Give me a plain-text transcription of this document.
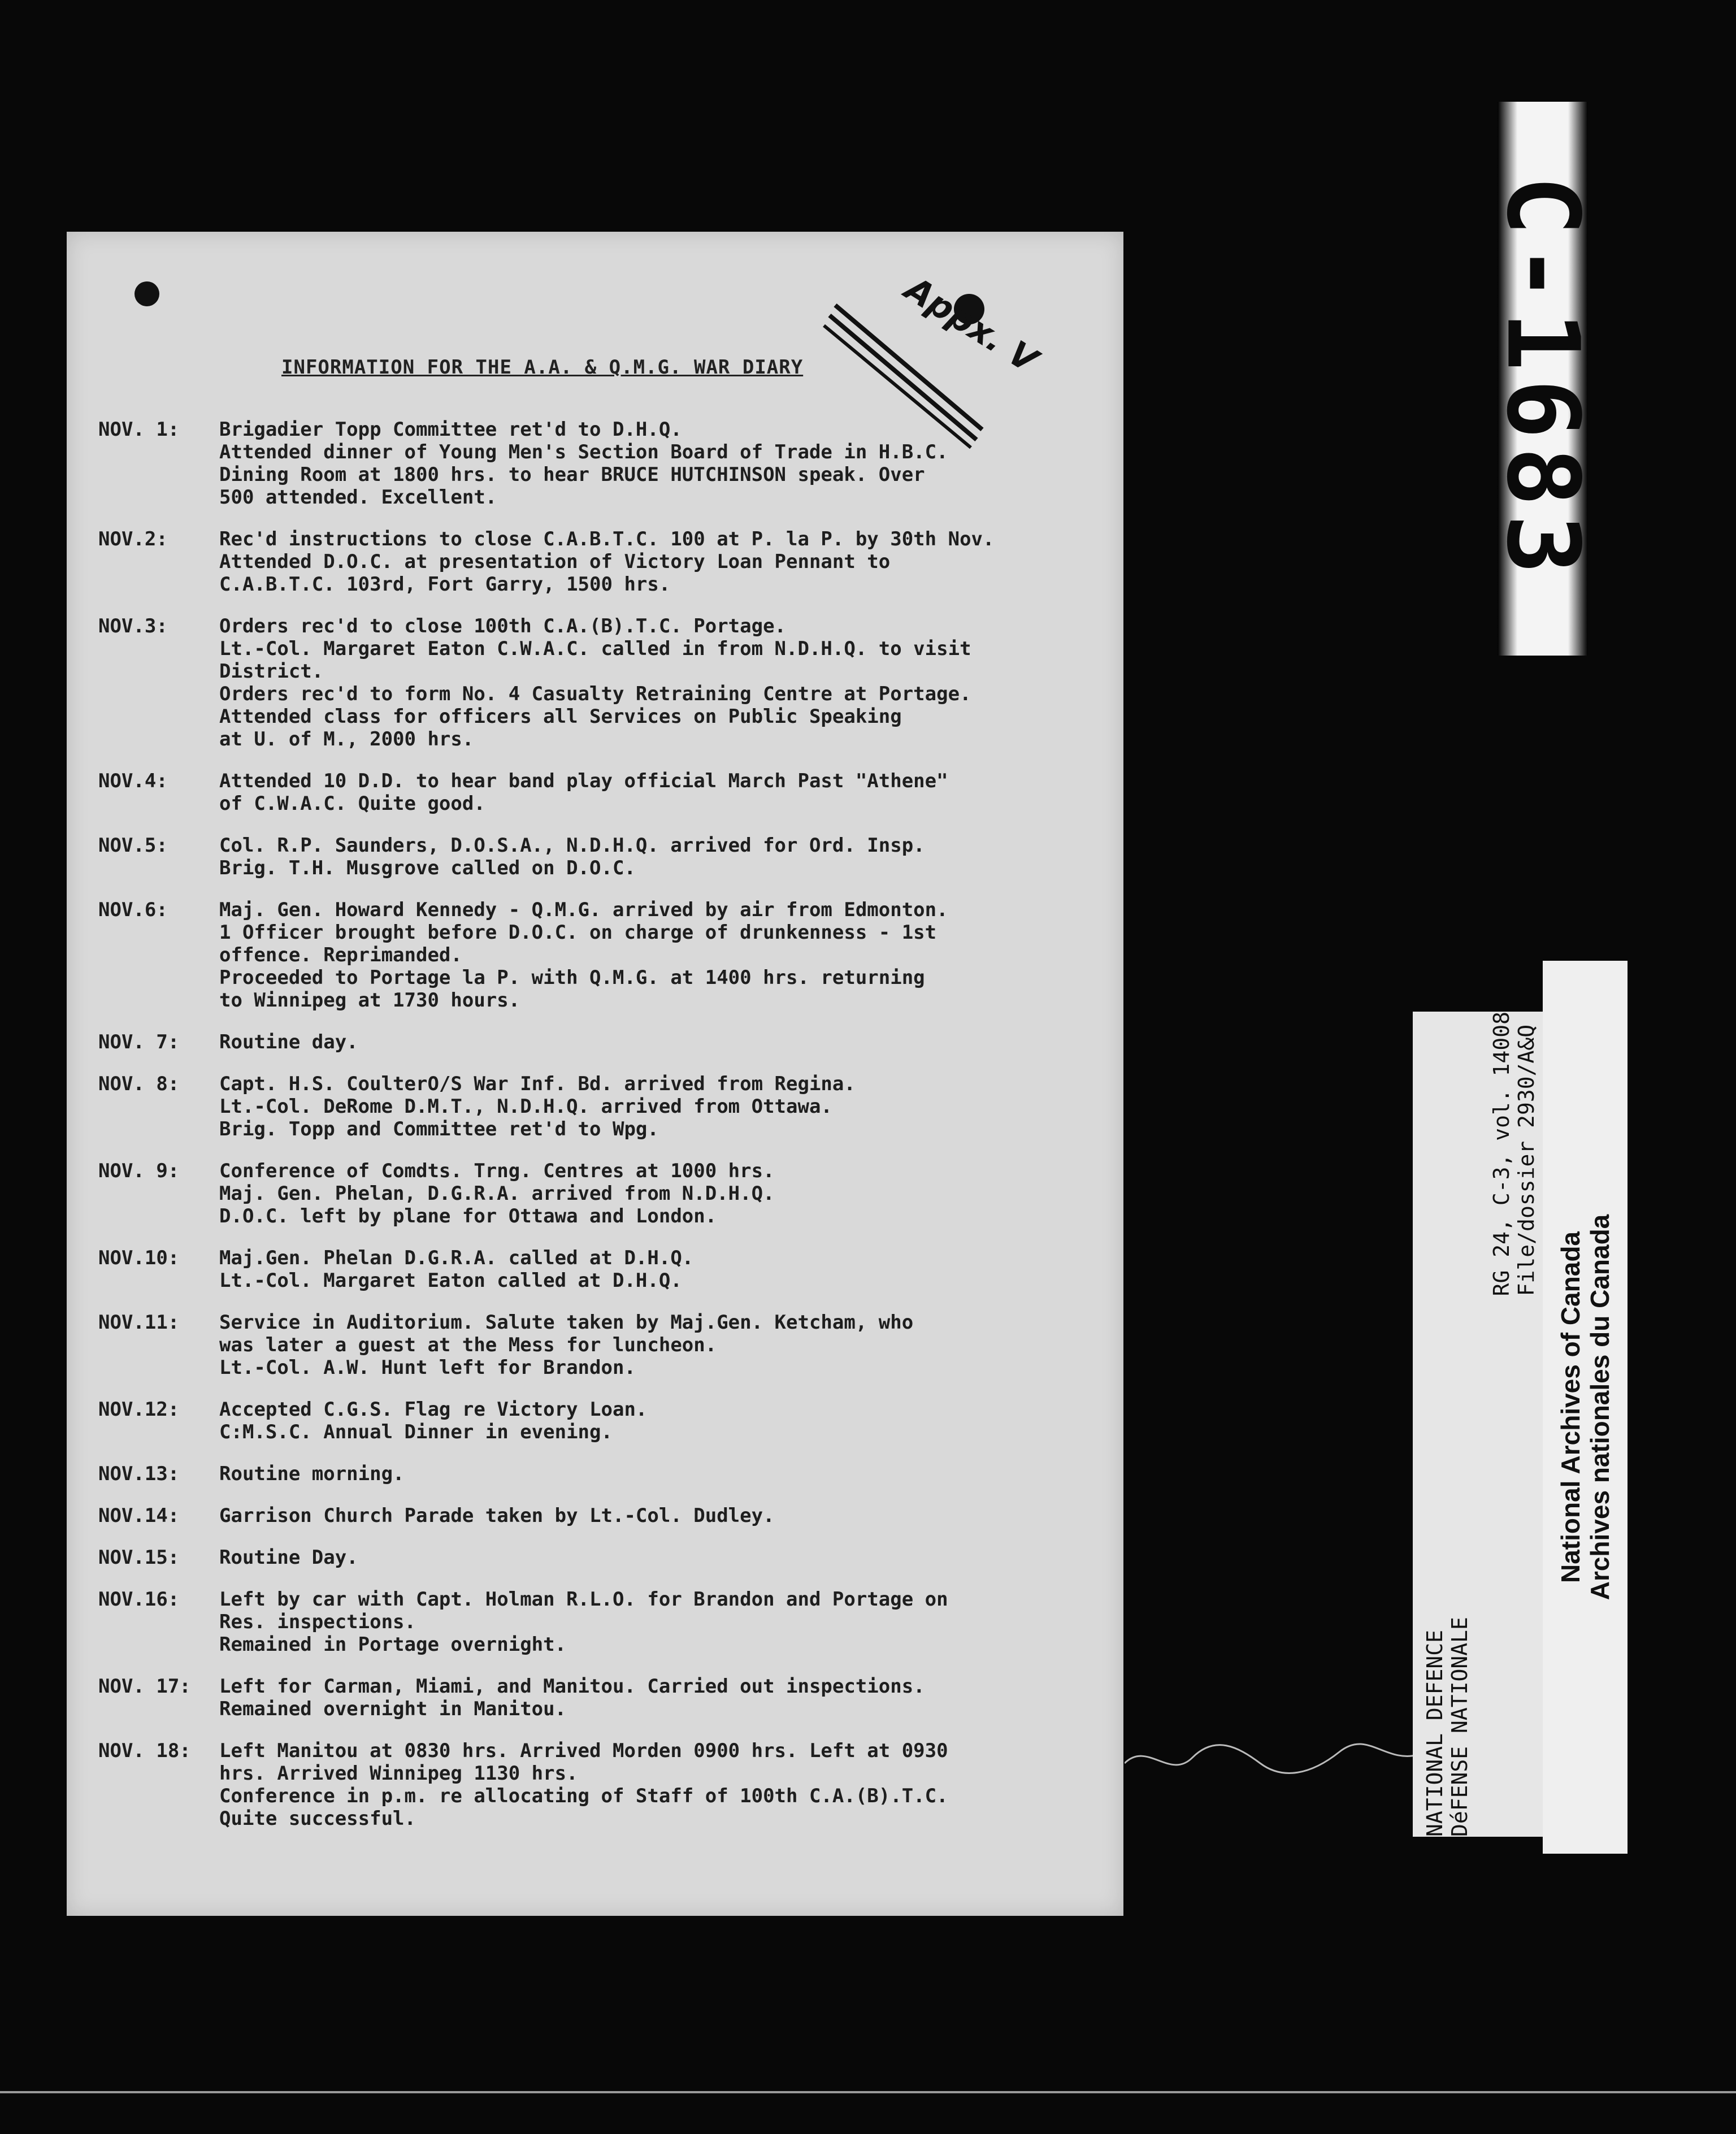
Appx. V
INFORMATION FOR THE A.A. & Q.M.G. WAR DIARY
NOV. 1:	Brigadier Topp Committee ret'd to D.H.Q.
Attended dinner of Young Men's Section Board of Trade in H.B.C.
Dining Room at 1800 hrs. to hear BRUCE HUTCHINSON speak. Over
500 attended. Excellent.
NOV.2:	Rec'd instructions to close C.A.B.T.C. 100 at P. la P. by 30th Nov.
Attended D.O.C. at presentation of Victory Loan Pennant to
C.A.B.T.C. 103rd, Fort Garry, 1500 hrs.
NOV.3:	Orders rec'd to close 100th C.A.(B).T.C. Portage.
Lt.-Col. Margaret Eaton C.W.A.C. called in from N.D.H.Q. to visit
District.
Orders rec'd to form No. 4 Casualty Retraining Centre at Portage.
Attended class for officers all Services on Public Speaking
at U. of M., 2000 hrs.
NOV.4:	Attended 10 D.D. to hear band play official March Past "Athene"
of C.W.A.C. Quite good.
NOV.5:	Col. R.P. Saunders, D.O.S.A., N.D.H.Q. arrived for Ord. Insp.
Brig. T.H. Musgrove called on D.O.C.
NOV.6:	Maj. Gen. Howard Kennedy - Q.M.G. arrived by air from Edmonton.
1 Officer brought before D.O.C. on charge of drunkenness - 1st
offence. Reprimanded.
Proceeded to Portage la P. with Q.M.G. at 1400 hrs. returning
to Winnipeg at 1730 hours.
NOV. 7:	Routine day.
NOV. 8:	Capt. H.S. CoulterO/S War Inf. Bd. arrived from Regina.
Lt.-Col. DeRome D.M.T., N.D.H.Q. arrived from Ottawa.
Brig. Topp and Committee ret'd to Wpg.
NOV. 9:	Conference of Comdts. Trng. Centres at 1000 hrs.
Maj. Gen. Phelan, D.G.R.A. arrived from N.D.H.Q.
D.O.C. left by plane for Ottawa and London.
NOV.10:	Maj.Gen. Phelan D.G.R.A. called at D.H.Q.
Lt.-Col. Margaret Eaton called at D.H.Q.
NOV.11:	Service in Auditorium. Salute taken by Maj.Gen. Ketcham, who
was later a guest at the Mess for luncheon.
Lt.-Col. A.W. Hunt left for Brandon.
NOV.12:	Accepted C.G.S. Flag re Victory Loan.
C:M.S.C. Annual Dinner in evening.
NOV.13:	Routine morning.
NOV.14:	Garrison Church Parade taken by Lt.-Col. Dudley.
NOV.15:	Routine Day.
NOV.16:	Left by car with Capt. Holman R.L.O. for Brandon and Portage on
Res. inspections.
Remained in Portage overnight.
NOV. 17:	Left for Carman, Miami, and Manitou. Carried out inspections.
Remained overnight in Manitou.
NOV. 18:	Left Manitou at 0830 hrs. Arrived Morden 0900 hrs. Left at 0930
hrs. Arrived Winnipeg 1130 hrs.
Conference in p.m. re allocating of Staff of 100th C.A.(B).T.C.
Quite successful.
C-1683
RG 24, C-3, vol. 14008 File/dossier 2930/A&Q
NATIONAL DEFENCE DéFENSE NATIONALE
National Archives of Canada Archives nationales du Canada
